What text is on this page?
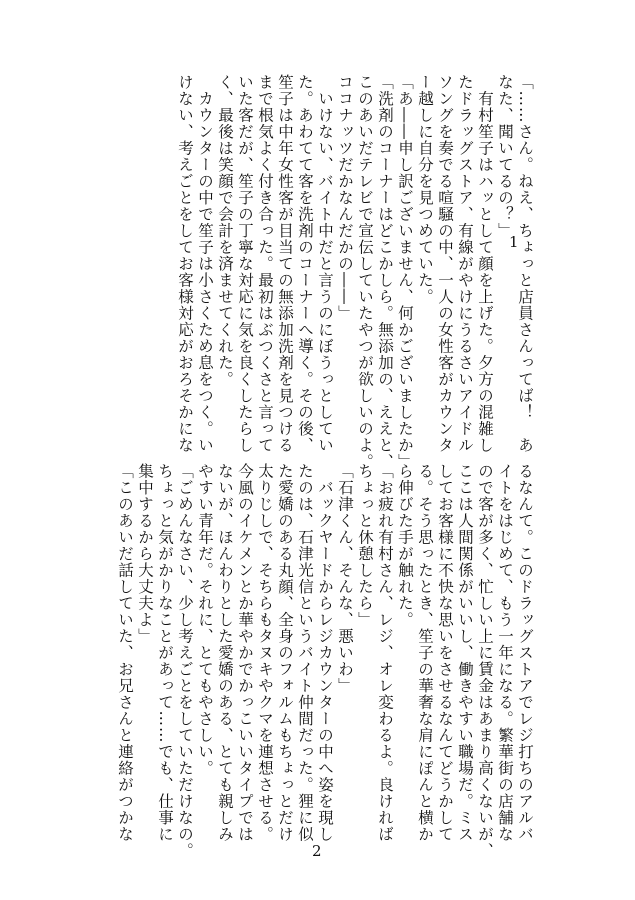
「……さん。ねえ、ちょっと店員さんってば！　あ
なた、聞いてるの？」
　有村笙子はハッとして顔を上げた。夕方の混雑し
たドラッグストア、有線がやけにうるさいアイドル
ソングを奏でる喧騒の中、一人の女性客がカウンタ
ー越しに自分を見つめていた。
「あ――申し訳ございません、何かございましたか」
「洗剤のコーナーはどこかしら。無添加の、ええと、
このあいだテレビで宣伝していたやつが欲しいのよ。
ココナッツだかなんだかの――」
　いけない、バイト中だと言うのにぼうっとしてい
た。あわてて客を洗剤のコーナーへ導く。その後、
笙子は中年女性客が目当ての無添加洗剤を見つける
まで根気よく付き合った。最初はぶつくさと言って
いた客だが、笙子の丁寧な対応に気を良くしたらし
く、最後は笑顔で会計を済ませてくれた。
　カウンターの中で笙子は小さくため息をつく。い
けない、考えごとをしてお客様対応がおろそかにな	1
るなんて。このドラッグストアでレジ打ちのアルバ
イトをはじめて、もう一年になる。繁華街の店舗な
ので客が多く、忙しい上に賃金はあまり高くないが、
ここは人間関係がいいし、働きやすい職場だ。ミス
してお客様に不快な思いをさせるなんてどうかして
る。そう思ったとき、笙子の華奢な肩にぽんと横か
ら伸びた手が触れた。
「お疲れ有村さん、レジ、オレ変わるよ。良ければ
ちょっと休憩したら」
「石津くん、そんな、悪いわ」
　バックヤードからレジカウンターの中へ姿を現し
たのは、石津光信というバイト仲間だった。狸に似
た愛嬌のある丸顔、全身のフォルムもちょっとだけ
太りじしで、そちらもタヌキやクマを連想させる。
今風のイケメンとか華やかでかっこいいタイプでは
ないが、ほんわりとした愛嬌のある、とても親しみ
やすい青年だ。それに、とてもやさしい。
「ごめんなさい、少し考えごとをしていただけなの。
ちょっと気がかりなことがあって……でも、仕事に
集中するから大丈夫よ」
「このあいだ話していた、お兄さんと連絡がつかな
2
